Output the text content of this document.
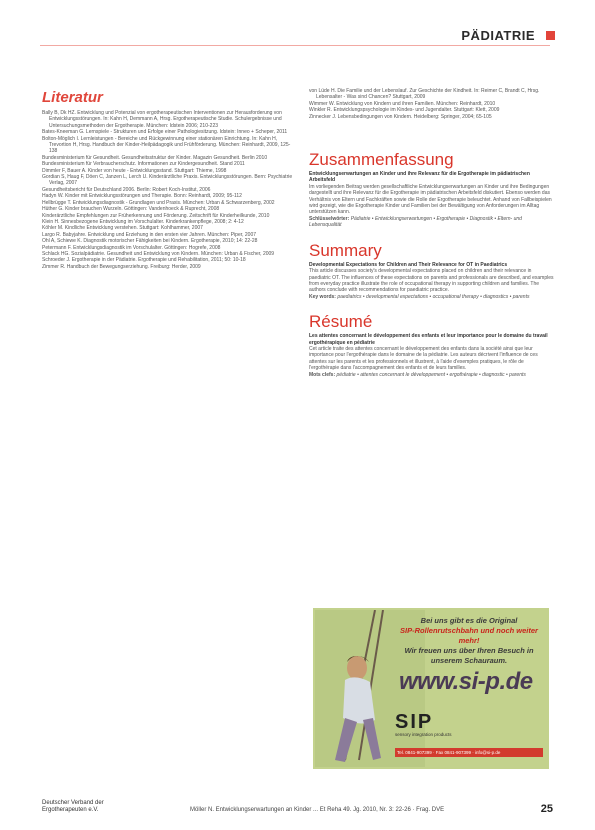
PÄDIATRIE
Literatur

Bally B, Dk HZ. Entwicklung und Potenzial von ergotherapeutischen Interventionen zur Herausforderung von Entwicklungsstörungen. In: Kahn H, Demmann A, Hrsg. Ergotherapeutische Studie. Schulergebnisse und Untersuchungsmethoden der Ergotherapie. München: Idstein 2006; 210-223

Bates-Kneeman G. Lernspiele - Strukturen und Erfolge einer Pathologiesitzung. Idstein: Inneo + Scheper, 2011

Bolton-Möglich I. Lernleistungen - Bereiche und Rückgewinnung einer stationären Einrichtung. In: Kahn H, Trevortion H, Hrsg. Handbuch der Kinder-Heilpädagogik und Frühförderung. München: Reinhardt, 2009, 125-138

Bundesministerium für Gesundheit. Gesundheitsstruktur der Kinder. Magazin Gesundheit. Berlin 2010

Bundesministerium für Verbraucherschutz. Informationen zur Kindergesundheit. Stand 2011

Dimmler F, Bauer A. Kinder von heute - Entwicklungsstand. Stuttgart: Thieme, 1998

Gordian S, Haug F, Döen C, Janzen L, Lerch U. Kinderärztliche Praxis. Entwicklungsstörungen. Bern: Psychiatrie Verlag, 2007

Gesundheitsbericht für Deutschland 2006. Berlin: Robert Koch-Institut, 2006

Hadyn W. Kinder mit Entwicklungsstörungen und Therapie. Bonn: Reinhardt, 2009; 95-112

Hellbrügge T. Entwicklungsdiagnostik - Grundlagen und Praxis. München: Urban & Schwarzenberg, 2002

Hüther G. Kinder brauchen Wurzeln. Göttingen: Vandenhoeck & Ruprecht, 2008

Kinderärztliche Empfehlungen zur Früherkennung und Förderung. Zeitschrift für Kinderheilkunde, 2010

Klein H. Sinnesbezogene Entwicklung im Vorschulalter. Kinderkrankenpflege, 2008; 2: 4-12

Köhler M. Kindliche Entwicklung verstehen. Stuttgart: Kohlhammer, 2007

Largo R. Babyjahre. Entwicklung und Erziehung in den ersten vier Jahren. München: Piper, 2007

Ohl A, Schiewe K. Diagnostik motorischer Fähigkeiten bei Kindern. Ergotherapie, 2010; 14: 22-28

Petermann F. Entwicklungsdiagnostik im Vorschulalter. Göttingen: Hogrefe, 2008

Schlack HG. Sozialpädiatrie. Gesundheit und Entwicklung von Kindern. München: Urban & Fischer, 2009

Schroeder J. Ergotherapie in der Pädiatrie. Ergotherapie und Rehabilitation, 2011; 50: 10-18

Zimmer R. Handbuch der Bewegungserziehung. Freiburg: Herder, 2009

von Lüde H. Die Familie und der Lebenslauf. Zur Geschichte der Kindheit. In: Reimer C, Brandt C, Hrsg. Lebensalter - Was sind Chancen? Stuttgart, 2009

Wimmer W. Entwicklung von Kindern und ihren Familien. München: Reinhardt, 2010

Winkler R. Entwicklungspsychologie im Kindes- und Jugendalter. Stuttgart: Klett, 2009

Zinnecker J. Lebensbedingungen von Kindern. Heidelberg: Springer, 2004; 65-105

Zusammenfassung

Entwicklungserwartungen an Kinder und ihre Relevanz für die Ergotherapie im pädiatrischen Arbeitsfeld

Im vorliegenden Beitrag werden gesellschaftliche Entwicklungserwartungen an Kinder und ihre Bedingungen dargestellt und ihre Relevanz für die Ergotherapie im pädiatrischen Arbeitsfeld diskutiert. Ebenso werden das Verhältnis von Eltern und Fachkräften sowie die Rolle der Ergotherapie beleuchtet. Anhand von Fallbeispielen wird gezeigt, wie die Ergotherapie Kinder und Familien bei der Bewältigung von Anforderungen im Alltag unterstützen kann.

Schlüsselwörter: Pädiatrie • Entwicklungserwartungen • Ergotherapie • Diagnostik • Eltern- und Lebensqualität

Summary

Developmental Expectations for Children and Their Relevance for OT in Paediatrics

This article discusses society's developmental expectations placed on children and their relevance in paediatric OT. The influences of these expectations on parents and professionals are described, and examples from everyday practice illustrate the role of occupational therapy in supporting children and families. The authors conclude with recommendations for paediatric practice.

Key words: paediatrics • developmental expectations • occupational therapy • diagnostics • parents

Résumé

Les attentes concernant le développement des enfants et leur importance pour le domaine du travail ergothérapique en pédiatrie

Cet article traite des attentes concernant le développement des enfants dans la société ainsi que leur importance pour l'ergothérapie dans le domaine de la pédiatrie. Les auteurs décrivent l'influence de ces attentes sur les parents et les professionnels et illustrent, à l'aide d'exemples pratiques, le rôle de l'ergothérapie dans l'accompagnement des enfants et de leurs familles.

Mots clefs: pédiatrie • attentes concernant le développement • ergothérapie • diagnostic • parents

Bei uns gibt es die Original
SIP-Rollenrutschbahn und noch weiter mehr!
Wir freuen uns über Ihren Besuch in
unserem Schauraum.
www.si-p.de
SIP
sensory integration products
Tel. 0841-907399 · Fax 0841-907399 · info@si-p.de
Deutscher Verband der
Ergotherapeuten e.V.	Möller N. Entwicklungserwartungen an Kinder ... Et Reha 49. Jg. 2010, Nr. 3: 22-26 · Frag. DVE	25
